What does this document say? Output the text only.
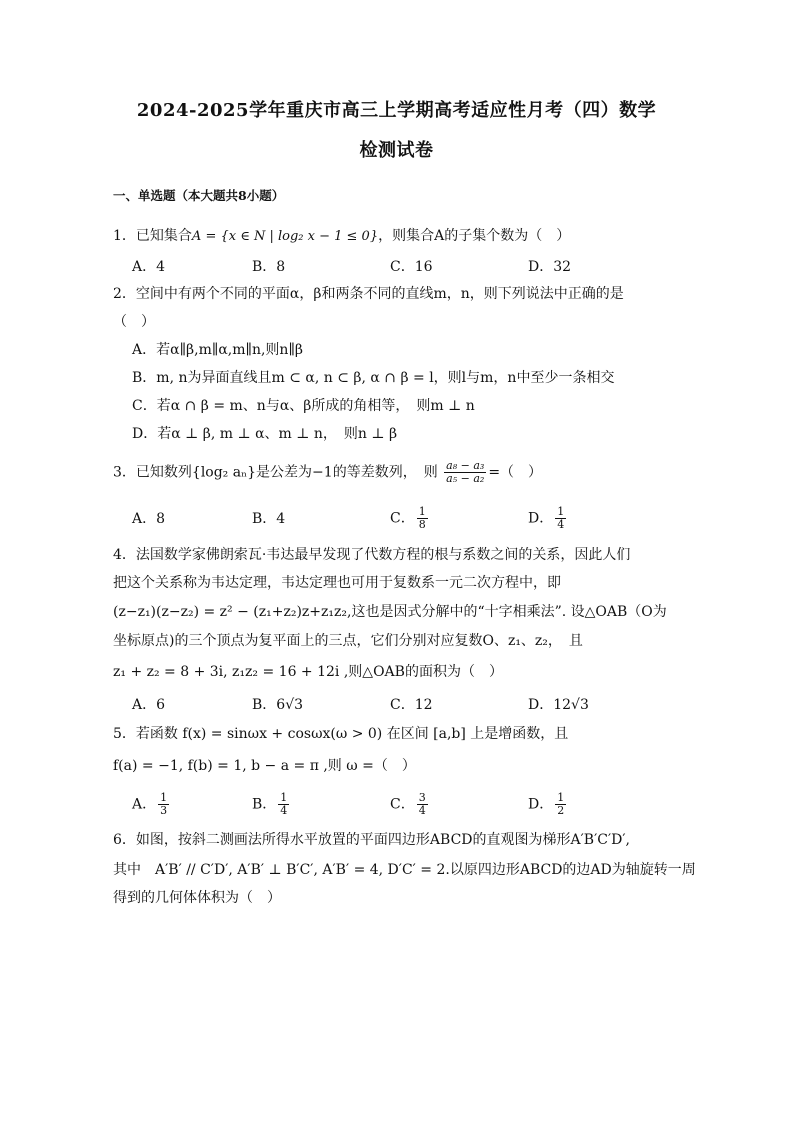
2024-2025学年重庆市高三上学期高考适应性月考（四）数学
检测试卷
一、单选题（本大题共8小题）
1．已知集合A = {x ∈ N | log₂ x − 1 ≤ 0}，则集合A的子集个数为（　）
A．4	B．8	C．16	D．32
2．空间中有两个不同的平面α，β和两条不同的直线m，n，则下列说法中正确的是
（　）
A．若α∥β,m∥α,m∥n,则n∥β
B．m, n为异面直线且m ⊂ α, n ⊂ β, α ∩ β = l，则l与m，n中至少一条相交
C．若α ∩ β = m、n与α、β所成的角相等，　则m ⊥ n
D．若α ⊥ β, m ⊥ α、m ⊥ n，　则n ⊥ β
3．已知数列{log₂ aₙ}是公差为−1的等差数列，　则 $\frac{\text{a₈ − a₃}}{\text{a₅ − a₂}}$ =（　）
A．8	B．4	C． $\frac{1}{8}$	D． $\frac{1}{4}$
4．法国数学家佛朗索瓦·韦达最早发现了代数方程的根与系数之间的关系，因此人们
把这个关系称为韦达定理，韦达定理也可用于复数系一元二次方程中，即
(z−z₁)(z−z₂) = z² − (z₁+z₂)z+z₁z₂,这也是因式分解中的“十字相乘法”. 设△OAB（O为
坐标原点)的三个顶点为复平面上的三点，它们分别对应复数O、z₁、z₂，　且
z₁ + z₂ = 8 + 3i, z₁z₂ = 16 + 12i ,则△OAB的面积为（　）
A．6	B．6√3	C．12	D．12√3
5．若函数 f(x) = sinωx + cosωx(ω > 0) 在区间 [a,b] 上是增函数，且
f(a) = −1, f(b) = 1, b − a = π ,则 ω =（　）
A． $\frac{1}{3}$	B． $\frac{1}{4}$	C． $\frac{3}{4}$	D． $\frac{1}{2}$
6．如图，按斜二测画法所得水平放置的平面四边形ABCD的直观图为梯形A′B′C′D′,
其中　A′B′ // C′D′, A′B′ ⊥ B′C′, A′B′ = 4, D′C′ = 2.以原四边形ABCD的边AD为轴旋转一周
得到的几何体体积为（　）
